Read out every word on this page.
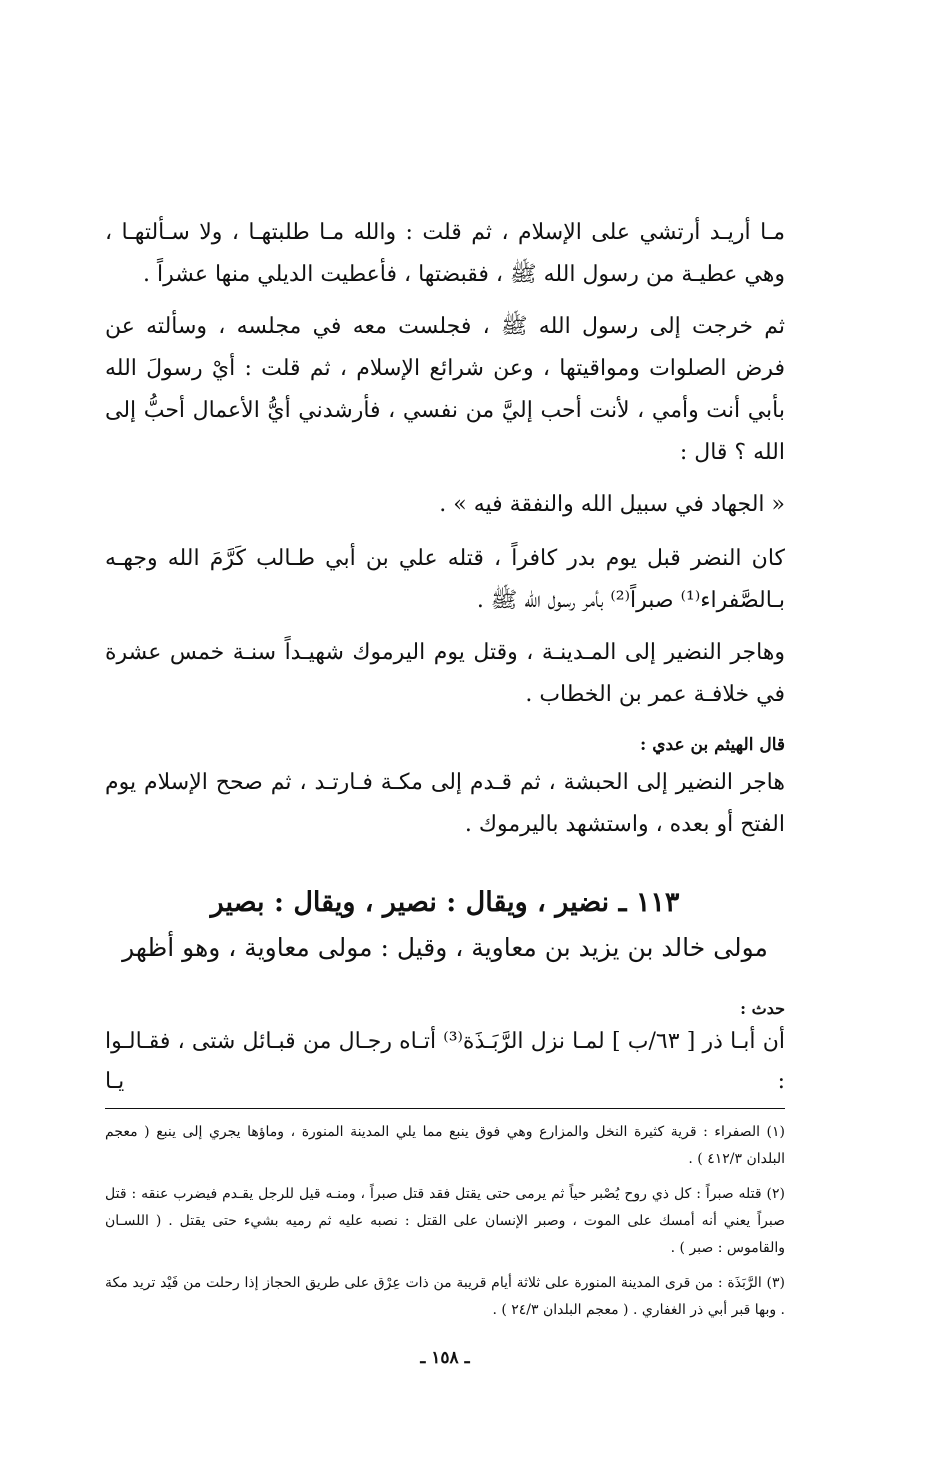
مـا أريـد أرتشي على الإسلام ، ثم قلت : والله مـا طلبتهـا ، ولا سـألتهـا ، وهي عطيـة من رسول الله ﷺ ، فقبضتها ، فأعطيت الديلي منها عشراً .

ثم خرجت إلى رسول الله ﷺ ، فجلست معه في مجلسه ، وسألته عن فرض الصلوات ومواقيتها ، وعن شرائع الإسلام ، ثم قلت : أيْ رسولَ الله بأبي أنت وأمي ، لأنت أحب إليَّ من نفسي ، فأرشدني أيُّ الأعمال أحبُّ إلى الله ؟ قال :

« الجهاد في سبيل الله والنفقة فيه » .

كان النضر قبل يوم بدر كافراً ، قتله علي بن أبي طـالب كَرَّمَ الله وجهـه بـالصَّفراء⁽¹⁾ صبراً⁽²⁾ بأمر رسول الله ﷺ .

وهاجر النضير إلى المـدينـة ، وقتل يوم اليرموك شهيـداً سنـة خمس عشرة في خلافـة عمر بن الخطاب .

قال الهيثم بن عدي :

هاجر النضير إلى الحبشة ، ثم قـدم إلى مكـة فـارتـد ، ثم صحح الإسلام يوم الفتح أو بعده ، واستشهد باليرموك .

١١٣ ـ نضير ، ويقال : نصير ، ويقال : بصير
مولى خالد بن يزيد بن معاوية ، وقيل : مولى معاوية ، وهو أظهر
حدث :

أن أبـا ذر [ ٦٣/ب ] لمـا نزل الرَّبَـذَة⁽³⁾ أتـاه رجـال من قبـائل شتى ، فقـالـوا : يـا

(١) الصفراء : قرية كثيرة النخل والمزارع وهي فوق ينبع مما يلي المدينة المنورة ، وماؤها يجري إلى ينبع ( معجم البلدان ٤١٢/٣ ) .

(٢) قتله صبراً : كل ذي روح يُصْبر حياً ثم يرمى حتى يقتل فقد قتل صبراً ، ومنـه قيل للرجل يقـدم فيضرب عنقه : قتل صبراً يعني أنه أمسك على الموت ، وصبر الإنسان على القتل : نصبه عليه ثم رميه بشيء حتى يقتل . ( اللسـان والقاموس : صبر ) .

(٣) الرَّبَذَة : من قرى المدينة المنورة على ثلاثة أيام قريبة من ذات عِرْق على طريق الحجاز إذا رحلت من فَيْد تريد مكة . وبها قبر أبي ذر الغفاري . ( معجم البلدان ٢٤/٣ ) .

ـ ١٥٨ ـ
